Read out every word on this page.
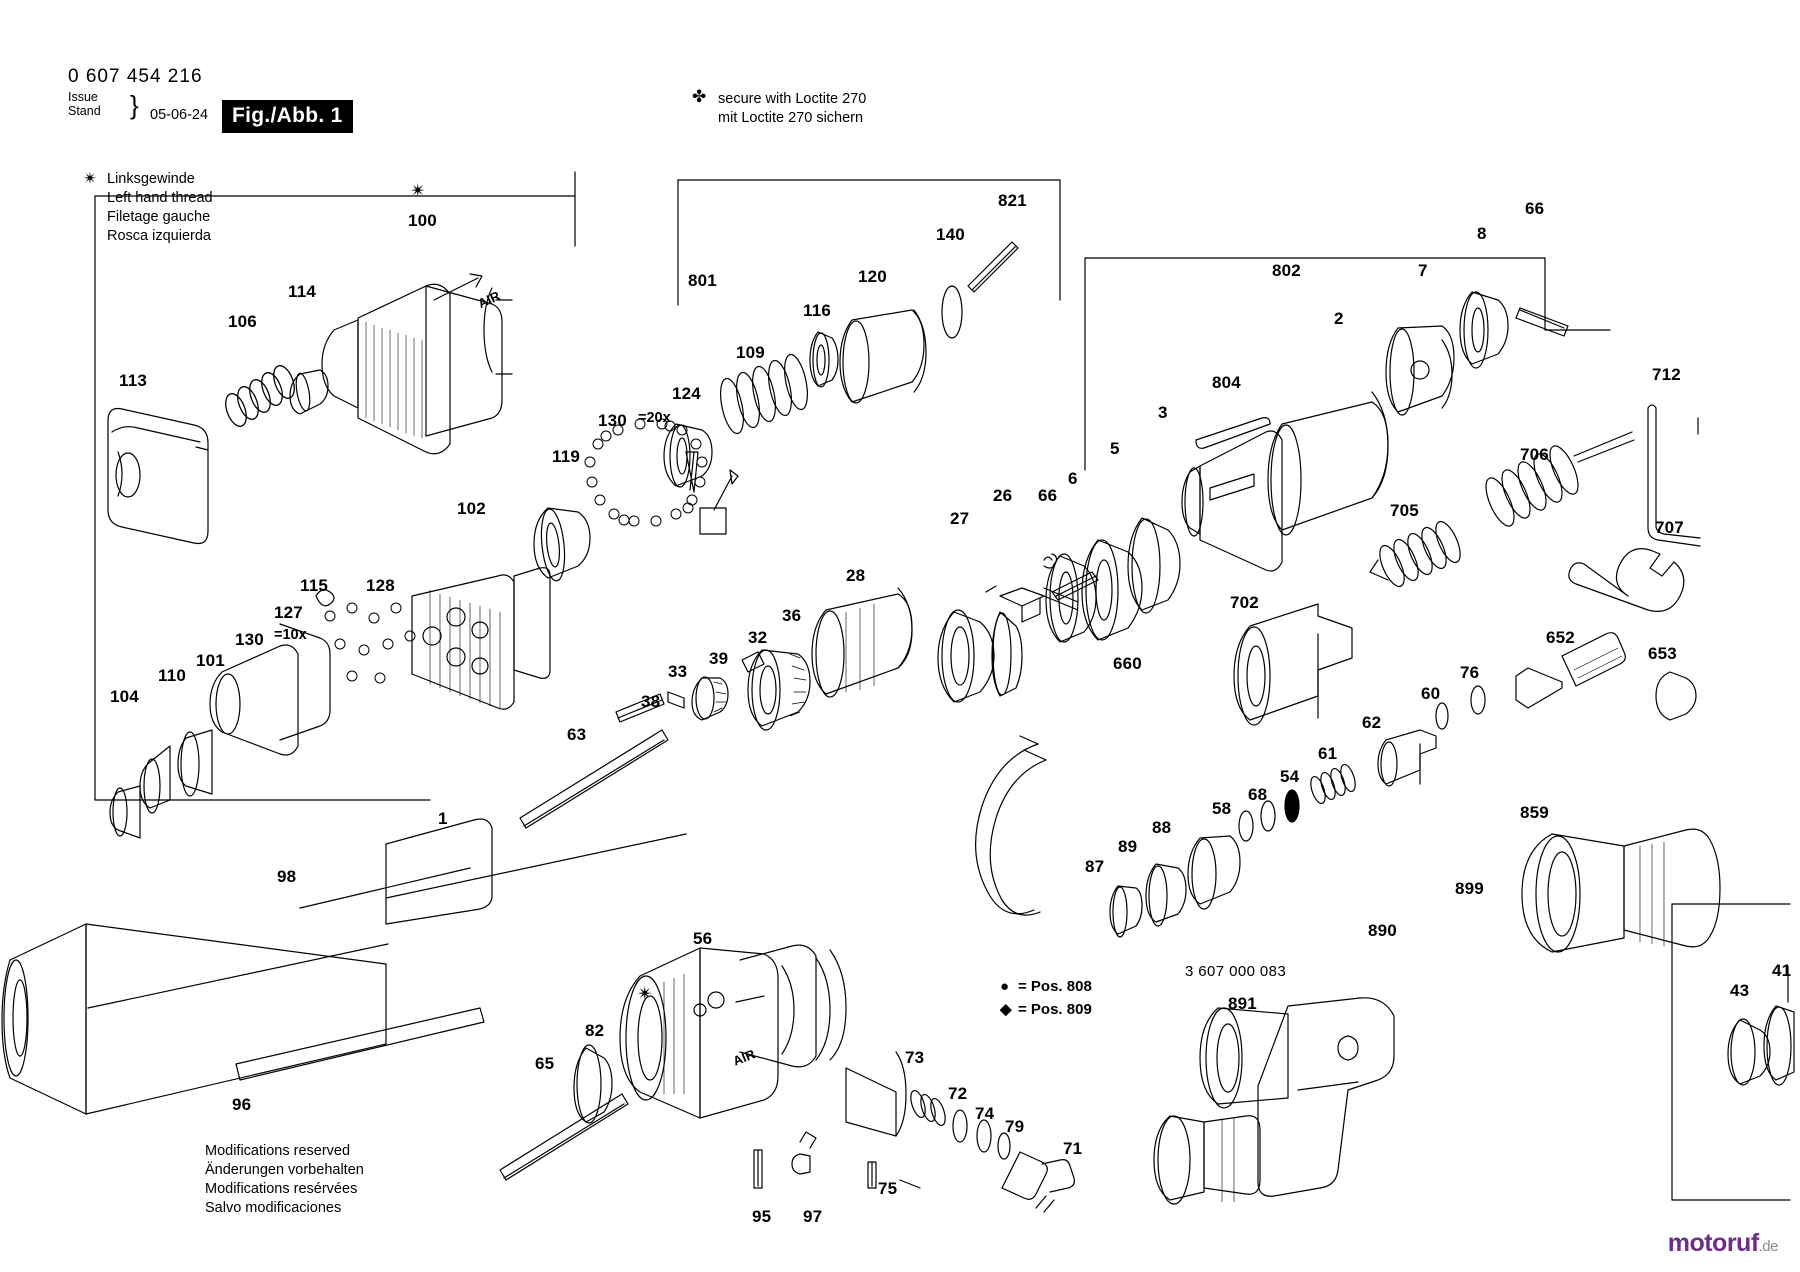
0 607 454 216
Issue
Stand } 05-06-24	Fig./Abb. 1
✤ secure with Loctite 270
mit Loctite 270 sichern
✴ Linksgewinde
Left hand thread
Filetage gauche
Rosca izquierda
✴
✴
AIR
AIR
=20x
=10x
Modifications reserved
Änderungen vorbehalten
Modifications resérvées
Salvo modificaciones
● = Pos. 808
◆ = Pos. 809
3 607 000 083
113
106
114
100
102
119
128
115
127
130
101
110
104
130
124
109
801
116
120
140
821
27
26 66
6
5
3
804
802
2
7
8
66
712
706
705
707
702
652
653
76
60
62
61
54
68
58
88
89
87
660
28
36
32
39
33
38
63
1
98
96
56
65
82
95 97
75
73
72
74
79
71
859
899
890
891
43
41
motoruf.de
